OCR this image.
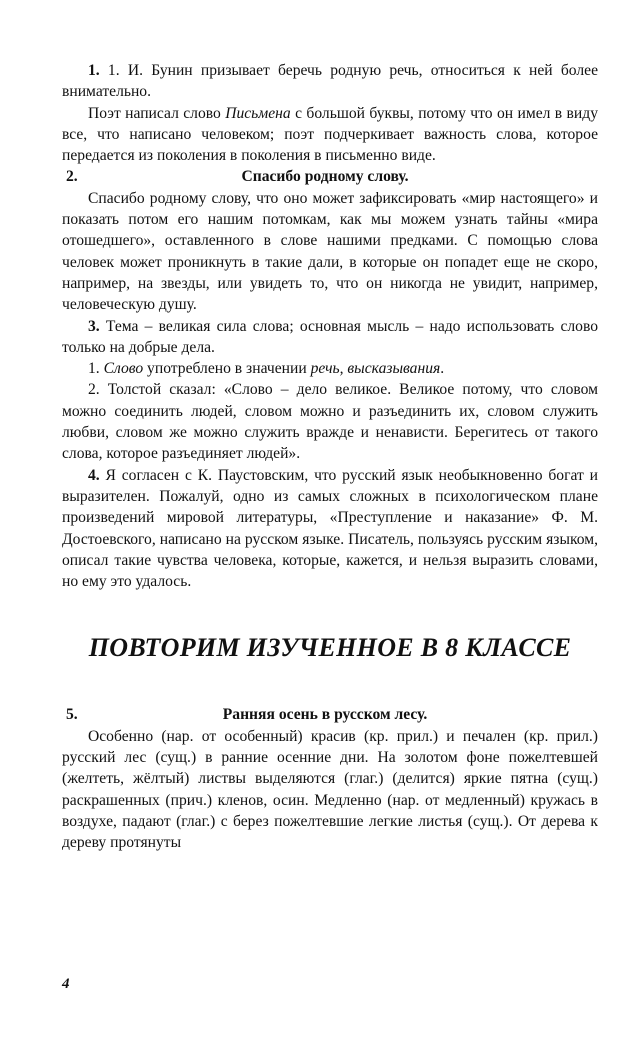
1. 1. И. Бунин призывает беречь родную речь, относиться к ней более внимательно.

Поэт написал слово Письмена с большой буквы, потому что он имел в виду все, что написано человеком; поэт подчеркивает важность слова, которое передается из поколения в поколения в письменно виде.

2.	Спасибо родному слову.

Спасибо родному слову, что оно может зафиксировать «мир настоящего» и показать потом его нашим потомкам, как мы можем узнать тайны «мира отошедшего», оставленного в слове нашими предками. С помощью слова человек может проникнуть в такие дали, в которые он попадет еще не скоро, например, на звезды, или увидеть то, что он никогда не увидит, например, человеческую душу.

3. Тема – великая сила слова; основная мысль – надо использовать слово только на добрые дела.

1. Слово употреблено в значении речь, высказывания.

2. Толстой сказал: «Слово – дело великое. Великое потому, что словом можно соединить людей, словом можно и разъединить их, словом служить любви, словом же можно служить вражде и ненависти. Берегитесь от такого слова, которое разъединяет людей».

4. Я согласен с К. Паустовским, что русский язык необыкновенно богат и выразителен. Пожалуй, одно из самых сложных в психологическом плане произведений мировой литературы, «Преступление и наказание» Ф. М. Достоевского, написано на русском языке. Писатель, пользуясь русским языком, описал такие чувства человека, которые, кажется, и нельзя выразить словами, но ему это удалось.

ПОВТОРИМ ИЗУЧЕННОЕ В 8 КЛАССЕ
5.	Ранняя осень в русском лесу.

Особенно (нар. от особенный) красив (кр. прил.) и печален (кр. прил.) русский лес (сущ.) в ранние осенние дни. На золотом фоне пожелтевшей (желтеть, жёлтый) листвы выделяются (глаг.) (делится) яркие пятна (сущ.) раскрашенных (прич.) кленов, осин. Медленно (нар. от медленный) кружась в воздухе, падают (глаг.) с берез пожелтевшие легкие листья (сущ.). От дерева к дереву протянуты

4
